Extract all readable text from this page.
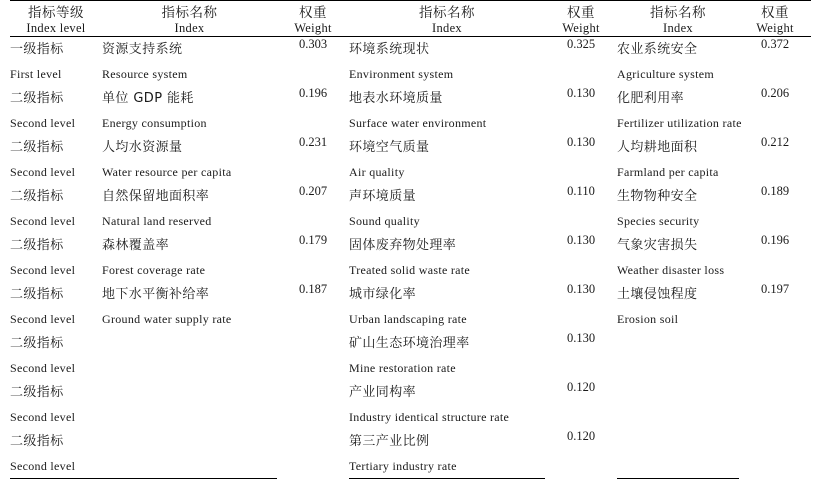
指标等级	指标名称	权重	指标名称	权重	指标名称	权重
Index level	Index	Weight	Index	Weight	Index	Weight
一级指标	资源支持系统	0.303	环境系统现状	0.325	农业系统安全	0.372
First level	Resource system		Environment system		Agriculture system	
二级指标	单位 GDP 能耗	0.196	地表水环境质量	0.130	化肥利用率	0.206
Second level	Energy consumption		Surface water environment		Fertilizer utilization rate	
二级指标	人均水资源量	0.231	环境空气质量	0.130	人均耕地面积	0.212
Second level	Water resource per capita		Air quality		Farmland per capita	
二级指标	自然保留地面积率	0.207	声环境质量	0.110	生物物种安全	0.189
Second level	Natural land reserved		Sound quality		Species security	
二级指标	森林覆盖率	0.179	固体废弃物处理率	0.130	气象灾害损失	0.196
Second level	Forest coverage rate		Treated solid waste rate		Weather disaster loss	
二级指标	地下水平衡补给率	0.187	城市绿化率	0.130	土壤侵蚀程度	0.197
Second level	Ground water supply rate		Urban landscaping rate		Erosion soil	
二级指标			矿山生态环境治理率	0.130		
Second level			Mine restoration rate			
二级指标			产业同构率	0.120		
Second level			Industry identical structure rate			
二级指标			第三产业比例	0.120		
Second level			Tertiary industry rate			
